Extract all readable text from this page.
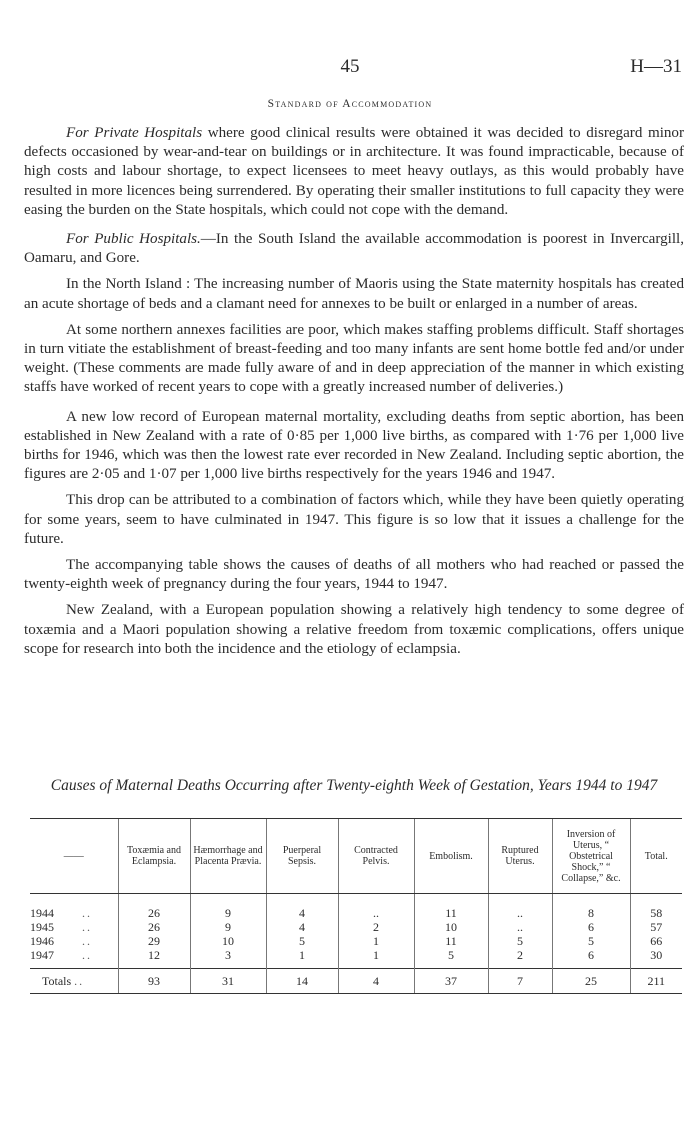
45	H—31
Standard of Accommodation

For Private Hospitals where good clinical results were obtained it was decided to disregard minor defects occasioned by wear-and-tear on buildings or in architecture. It was found impracticable, because of high costs and labour shortage, to expect licensees to meet heavy outlays, as this would probably have resulted in more licences being surrendered. By operating their smaller institutions to full capacity they were easing the burden on the State hospitals, which could not cope with the demand.

For Public Hospitals.—In the South Island the available accommodation is poorest in Invercargill, Oamaru, and Gore.

In the North Island : The increasing number of Maoris using the State maternity hospitals has created an acute shortage of beds and a clamant need for annexes to be built or enlarged in a number of areas.

At some northern annexes facilities are poor, which makes staffing problems difficult. Staff shortages in turn vitiate the establishment of breast-feeding and too many infants are sent home bottle fed and/or under weight. (These comments are made fully aware of and in deep appreciation of the manner in which existing staffs have worked of recent years to cope with a greatly increased number of deliveries.)

A new low record of European maternal mortality, excluding deaths from septic abortion, has been established in New Zealand with a rate of 0·85 per 1,000 live births, as compared with 1·76 per 1,000 live births for 1946, which was then the lowest rate ever recorded in New Zealand. Including septic abortion, the figures are 2·05 and 1·07 per 1,000 live births respectively for the years 1946 and 1947.

This drop can be attributed to a combination of factors which, while they have been quietly operating for some years, seem to have culminated in 1947. This figure is so low that it issues a challenge for the future.

The accompanying table shows the causes of deaths of all mothers who had reached or passed the twenty-eighth week of pregnancy during the four years, 1944 to 1947.

New Zealand, with a European population showing a relatively high tendency to some degree of toxæmia and a Maori population showing a relative freedom from toxæmic complications, offers unique scope for research into both the incidence and the etiology of eclampsia.

Causes of Maternal Deaths Occurring after Twenty-eighth Week of Gestation, Years 1944 to 1947
——	Toxæmia and Eclampsia.	Hæmorrhage and Placenta Prævia.	Puerperal Sepsis.	Contracted Pelvis.	Embolism.	Ruptured Uterus.	Inversion of Uterus, “ Obstetrical Shock,” “ Collapse,” &c.	Total.

1944 ..	26	9	4	..	11	..	8	58
1945 ..	26	9	4	2	10	..	6	57
1946 ..	29	10	5	1	11	5	5	66
1947 ..	12	3	1	1	5	2	6	30
Totals ..	93	31	14	4	37	7	25	211
